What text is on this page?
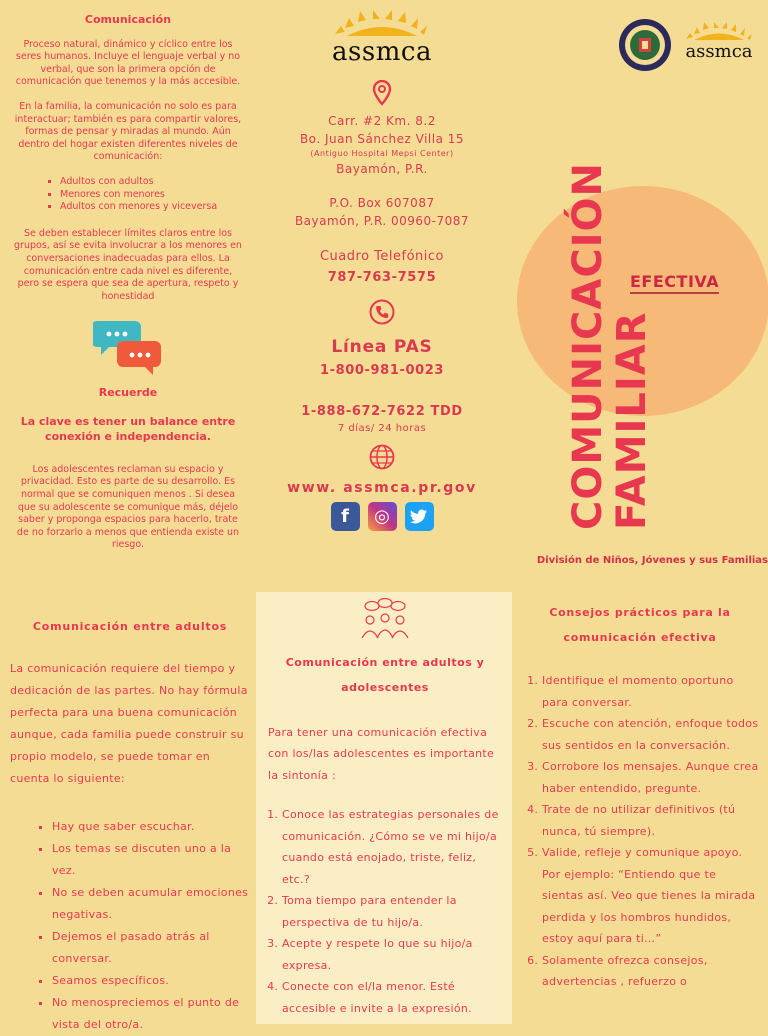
Comunicación

Proceso natural, dinámico y cíclico entre los seres humanos. Incluye el lenguaje verbal y no verbal, que son la primera opción de comunicación que tenemos y la más accesible.

En la familia, la comunicación no solo es para interactuar; también es para compartir valores, formas de pensar y miradas al mundo. Aún dentro del hogar existen diferentes niveles de comunicación:

▪ Adultos con adultos
▪ Menores con menores
▪ Adultos con menores y viceversa

Se deben establecer límites claros entre los grupos, así se evita involucrar a los menores en conversaciones inadecuadas para ellos. La comunicación entre cada nivel es diferente, pero se espera que sea de apertura, respeto y honestidad

Recuerde
La clave es tener un balance entre conexión e independencia.

Los adolescentes reclaman su espacio y privacidad. Esto es parte de su desarrollo. Es normal que se comuniquen menos . Si desea que su adolescente se comunique más, déjelo saber y proponga espacios para hacerlo, trate de no forzarlo a menos que entienda existe un riesgo.

assmca
Carr. #2 Km. 8.2
Bo. Juan Sánchez Villa 15
(Antiguo Hospital Mepsi Center)
Bayamón, P.R.
P.O. Box 607087
Bayamón, P.R. 00960-7087
Cuadro Telefónico
787-763-7575
Línea PAS
1-800-981-0023
1-888-672-7622 TDD
7 días/ 24 horas
www. assmca.pr.gov
f	◎
assmca
COMUNICACIÓN
FAMILIAR
EFECTIVA
División de Niños, Jóvenes y sus Familias
Comunicación entre adultos

La comunicación requiere del tiempo y dedicación de las partes. No hay fórmula perfecta para una buena comunicación aunque, cada familia puede construir su propio modelo, se puede tomar en cuenta lo siguiente:

▪ Hay que saber escuchar.
▪ Los temas se discuten uno a la vez.
▪ No se deben acumular emociones negativas.
▪ Dejemos el pasado atrás al conversar.
▪ Seamos específicos.
▪ No menospreciemos el punto de vista del otro/a.
Comunicación entre adultos y adolescentes

Para tener una comunicación efectiva con los/las adolescentes es importante la sintonía :

1. Conoce las estrategias personales de comunicación. ¿Cómo se ve mi hijo/a cuando está enojado, triste, feliz, etc.?
2. Toma tiempo para entender la perspectiva de tu hijo/a.
3. Acepte y respete lo que su hijo/a expresa.
4. Conecte con el/la menor. Esté accesible e invite a la expresión.
Consejos prácticos para la comunicación efectiva
1. Identifique el momento oportuno para conversar.
2. Escuche con atención, enfoque todos sus sentidos en la conversación.
3. Corrobore los mensajes. Aunque crea haber entendido, pregunte.
4. Trate de no utilizar definitivos (tú nunca, tú siempre).
5. Valide, refleje y comunique apoyo. Por ejemplo: “Entiendo que te sientas así. Veo que tienes la mirada perdida y los hombros hundidos, estoy aquí para ti…”
6. Solamente ofrezca consejos, advertencias , refuerzo o
